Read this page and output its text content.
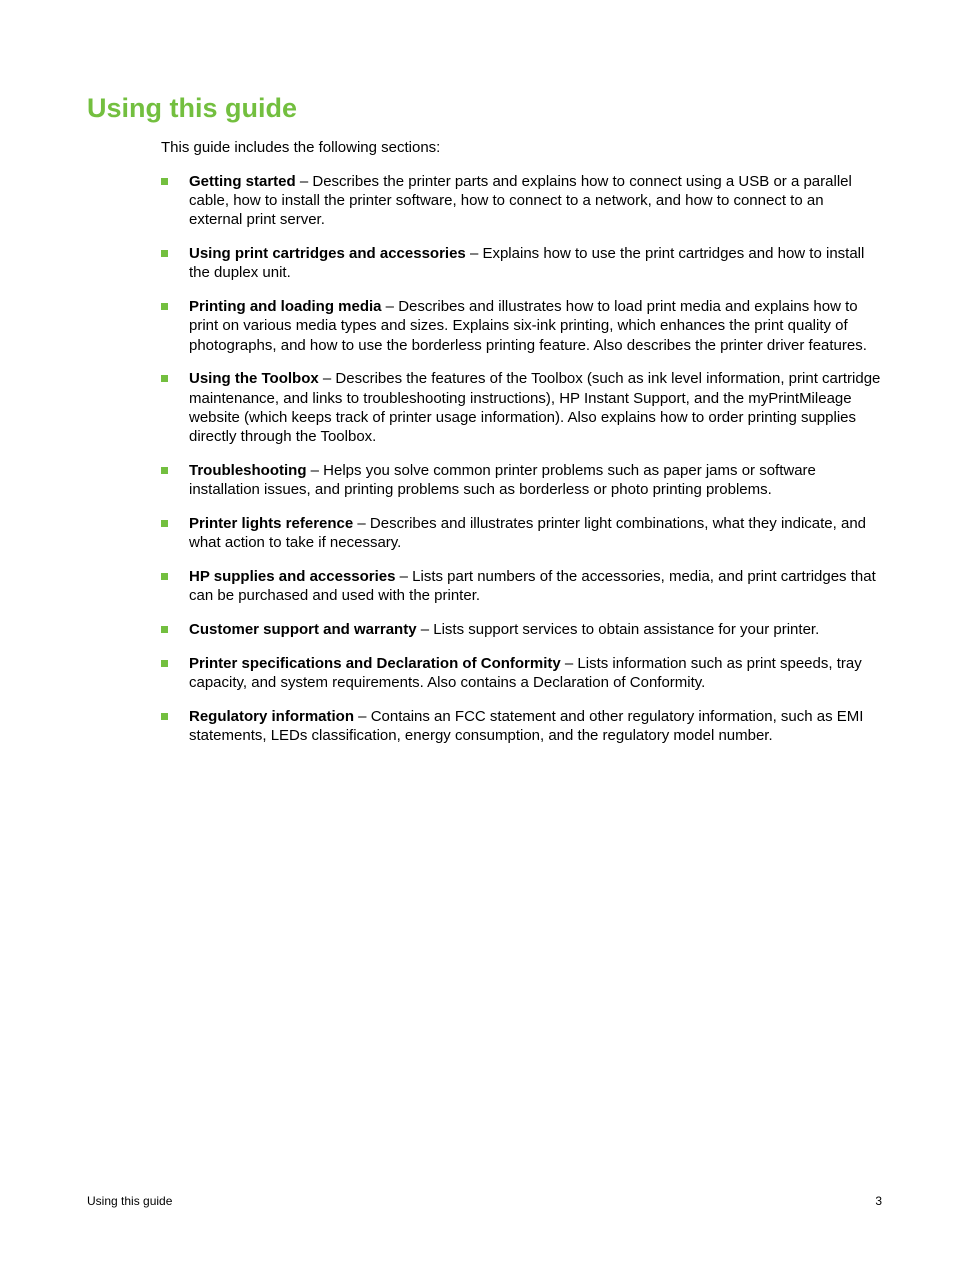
Using this guide

This guide includes the following sections:

Getting started – Describes the printer parts and explains how to connect using a USB or a parallel cable, how to install the printer software, how to connect to a network, and how to connect to an external print server.
Using print cartridges and accessories – Explains how to use the print cartridges and how to install the duplex unit.
Printing and loading media – Describes and illustrates how to load print media and explains how to print on various media types and sizes. Explains six-ink printing, which enhances the print quality of photographs, and how to use the borderless printing feature. Also describes the printer driver features.
Using the Toolbox – Describes the features of the Toolbox (such as ink level information, print cartridge maintenance, and links to troubleshooting instructions), HP Instant Support, and the myPrintMileage website (which keeps track of printer usage information). Also explains how to order printing supplies directly through the Toolbox.
Troubleshooting – Helps you solve common printer problems such as paper jams or software installation issues, and printing problems such as borderless or photo printing problems.
Printer lights reference – Describes and illustrates printer light combinations, what they indicate, and what action to take if necessary.
HP supplies and accessories – Lists part numbers of the accessories, media, and print cartridges that can be purchased and used with the printer.
Customer support and warranty – Lists support services to obtain assistance for your printer.
Printer specifications and Declaration of Conformity – Lists information such as print speeds, tray capacity, and system requirements. Also contains a Declaration of Conformity.
Regulatory information – Contains an FCC statement and other regulatory information, such as EMI statements, LEDs classification, energy consumption, and the regulatory model number.
Using this guide	3
